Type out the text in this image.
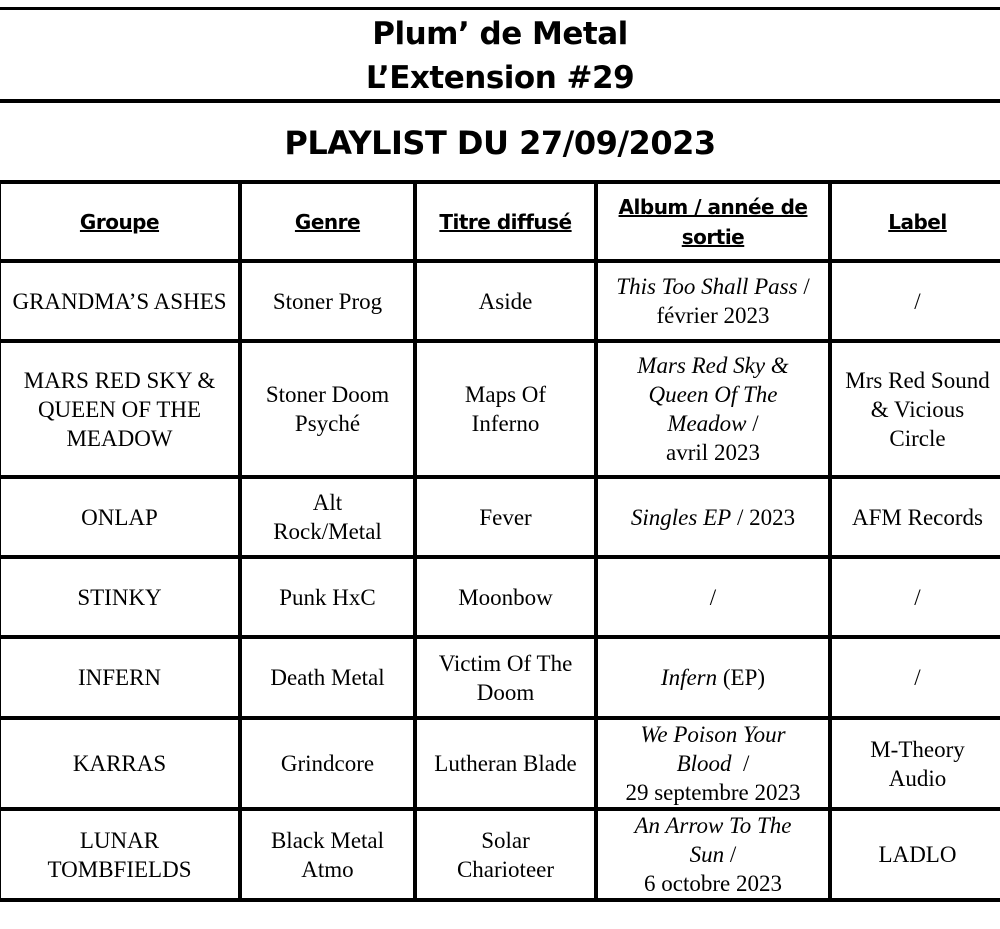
Plum’ de Metal
L’Extension #29
PLAYLIST DU 27/09/2023
Groupe	Genre	Titre diffusé	Album / année de sortie	Label
GRANDMA’S ASHES	Stoner Prog	Aside	This Too Shall Pass /
février 2023	/
MARS RED SKY & QUEEN OF THE MEADOW	Stoner Doom Psyché	Maps Of Inferno	Mars Red Sky & Queen Of The Meadow /
avril 2023	Mrs Red Sound & Vicious Circle
ONLAP	Alt Rock/Metal	Fever	Singles EP / 2023	AFM Records
STINKY	Punk HxC	Moonbow	/	/
INFERN	Death Metal	Victim Of The Doom	Infern (EP)	/
KARRAS	Grindcore	Lutheran Blade	We Poison Your Blood  /
29 septembre 2023	M-Theory Audio
LUNAR TOMBFIELDS	Black Metal Atmo	Solar Charioteer	An Arrow To The Sun /
6 octobre 2023	LADLO
